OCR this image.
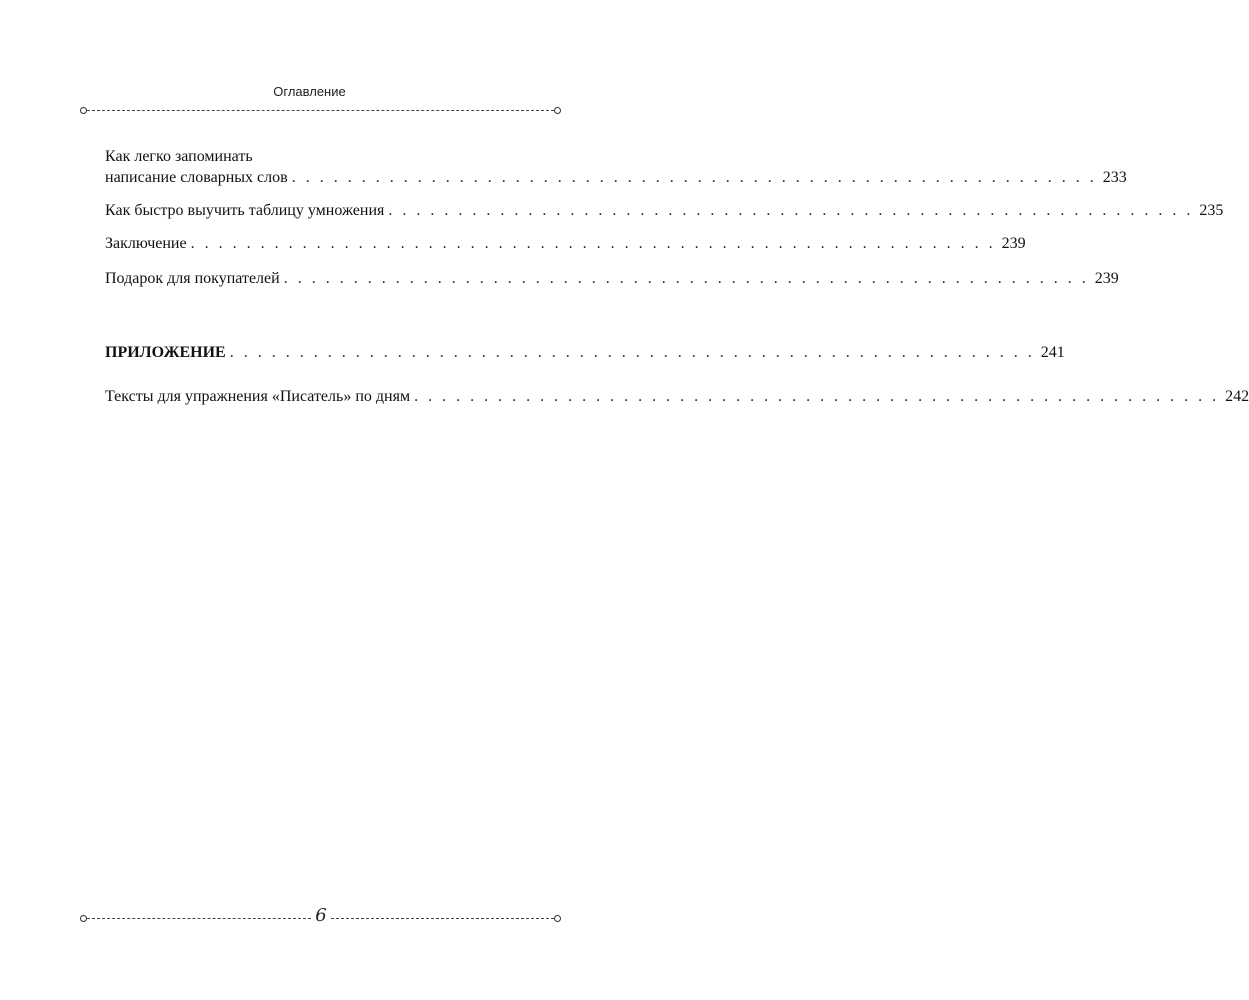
Оглавление
Как легко запоминать
написание словарных слов . . . . . . . . . . . . . . . . . . . . . . . . . . . . . . . . . . . . . . . . . . . . . . . . . . . . . . . . . . 233
Как быстро выучить таблицу умножения . . . . . . . . . . . . . . . . . . . . . . . . . . . . . . . . . . . . . . . . . . . . . . . . . . . . . . . . . . 235
Заключение . . . . . . . . . . . . . . . . . . . . . . . . . . . . . . . . . . . . . . . . . . . . . . . . . . . . . . . . . . 239
Подарок для покупателей . . . . . . . . . . . . . . . . . . . . . . . . . . . . . . . . . . . . . . . . . . . . . . . . . . . . . . . . . . 239
ПРИЛОЖЕНИЕ . . . . . . . . . . . . . . . . . . . . . . . . . . . . . . . . . . . . . . . . . . . . . . . . . . . . . . . . . . 241
Тексты для упражнения «Писатель» по дням . . . . . . . . . . . . . . . . . . . . . . . . . . . . . . . . . . . . . . . . . . . . . . . . . . . . . . . . . . 242
6
